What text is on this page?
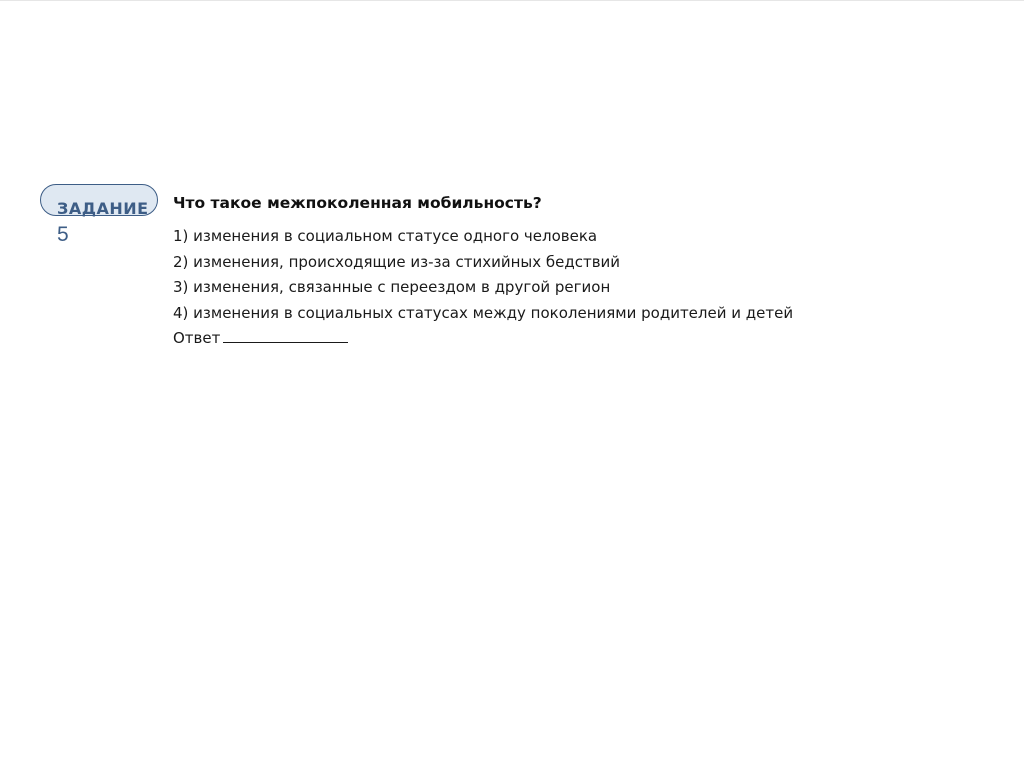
ЗАДАНИЕ
5
Что такое межпоколенная мобильность?
1) изменения в социальном статусе одного человека
2) изменения, происходящие из-за стихийных бедствий
3) изменения, связанные с переездом в другой регион
4) изменения в социальных статусах между поколениями родителей и детей
Ответ
